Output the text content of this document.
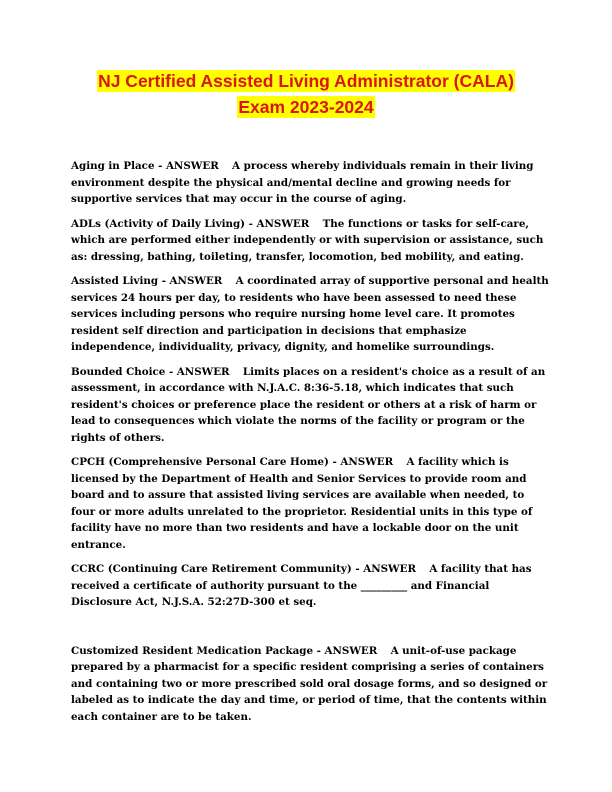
NJ Certified Assisted Living Administrator (CALA)
Exam 2023-2024

Aging in Place - ANSWER A process whereby individuals remain in their living environment despite the physical and/mental decline and growing needs for supportive services that may occur in the course of aging.

ADLs (Activity of Daily Living) - ANSWER The functions or tasks for self-care, which are performed either independently or with supervision or assistance, such as: dressing, bathing, toileting, transfer, locomotion, bed mobility, and eating.

Assisted Living - ANSWER A coordinated array of supportive personal and health services 24 hours per day, to residents who have been assessed to need these services including persons who require nursing home level care. It promotes resident self direction and participation in decisions that emphasize independence, individuality, privacy, dignity, and homelike surroundings.

Bounded Choice - ANSWER Limits places on a resident's choice as a result of an assessment, in accordance with N.J.A.C. 8:36-5.18, which indicates that such resident's choices or preference place the resident or others at a risk of harm or lead to consequences which violate the norms of the facility or program or the rights of others.

CPCH (Comprehensive Personal Care Home) - ANSWER A facility which is licensed by the Department of Health and Senior Services to provide room and board and to assure that assisted living services are available when needed, to four or more adults unrelated to the proprietor. Residential units in this type of facility have no more than two residents and have a lockable door on the unit entrance.

CCRC (Continuing Care Retirement Community) - ANSWER A facility that has received a certificate of authority pursuant to the _________ and Financial Disclosure Act, N.J.S.A. 52:27D-300 et seq.

Customized Resident Medication Package - ANSWER A unit-of-use package prepared by a pharmacist for a specific resident comprising a series of containers and containing two or more prescribed sold oral dosage forms, and so designed or labeled as to indicate the day and time, or period of time, that the contents within each container are to be taken.
